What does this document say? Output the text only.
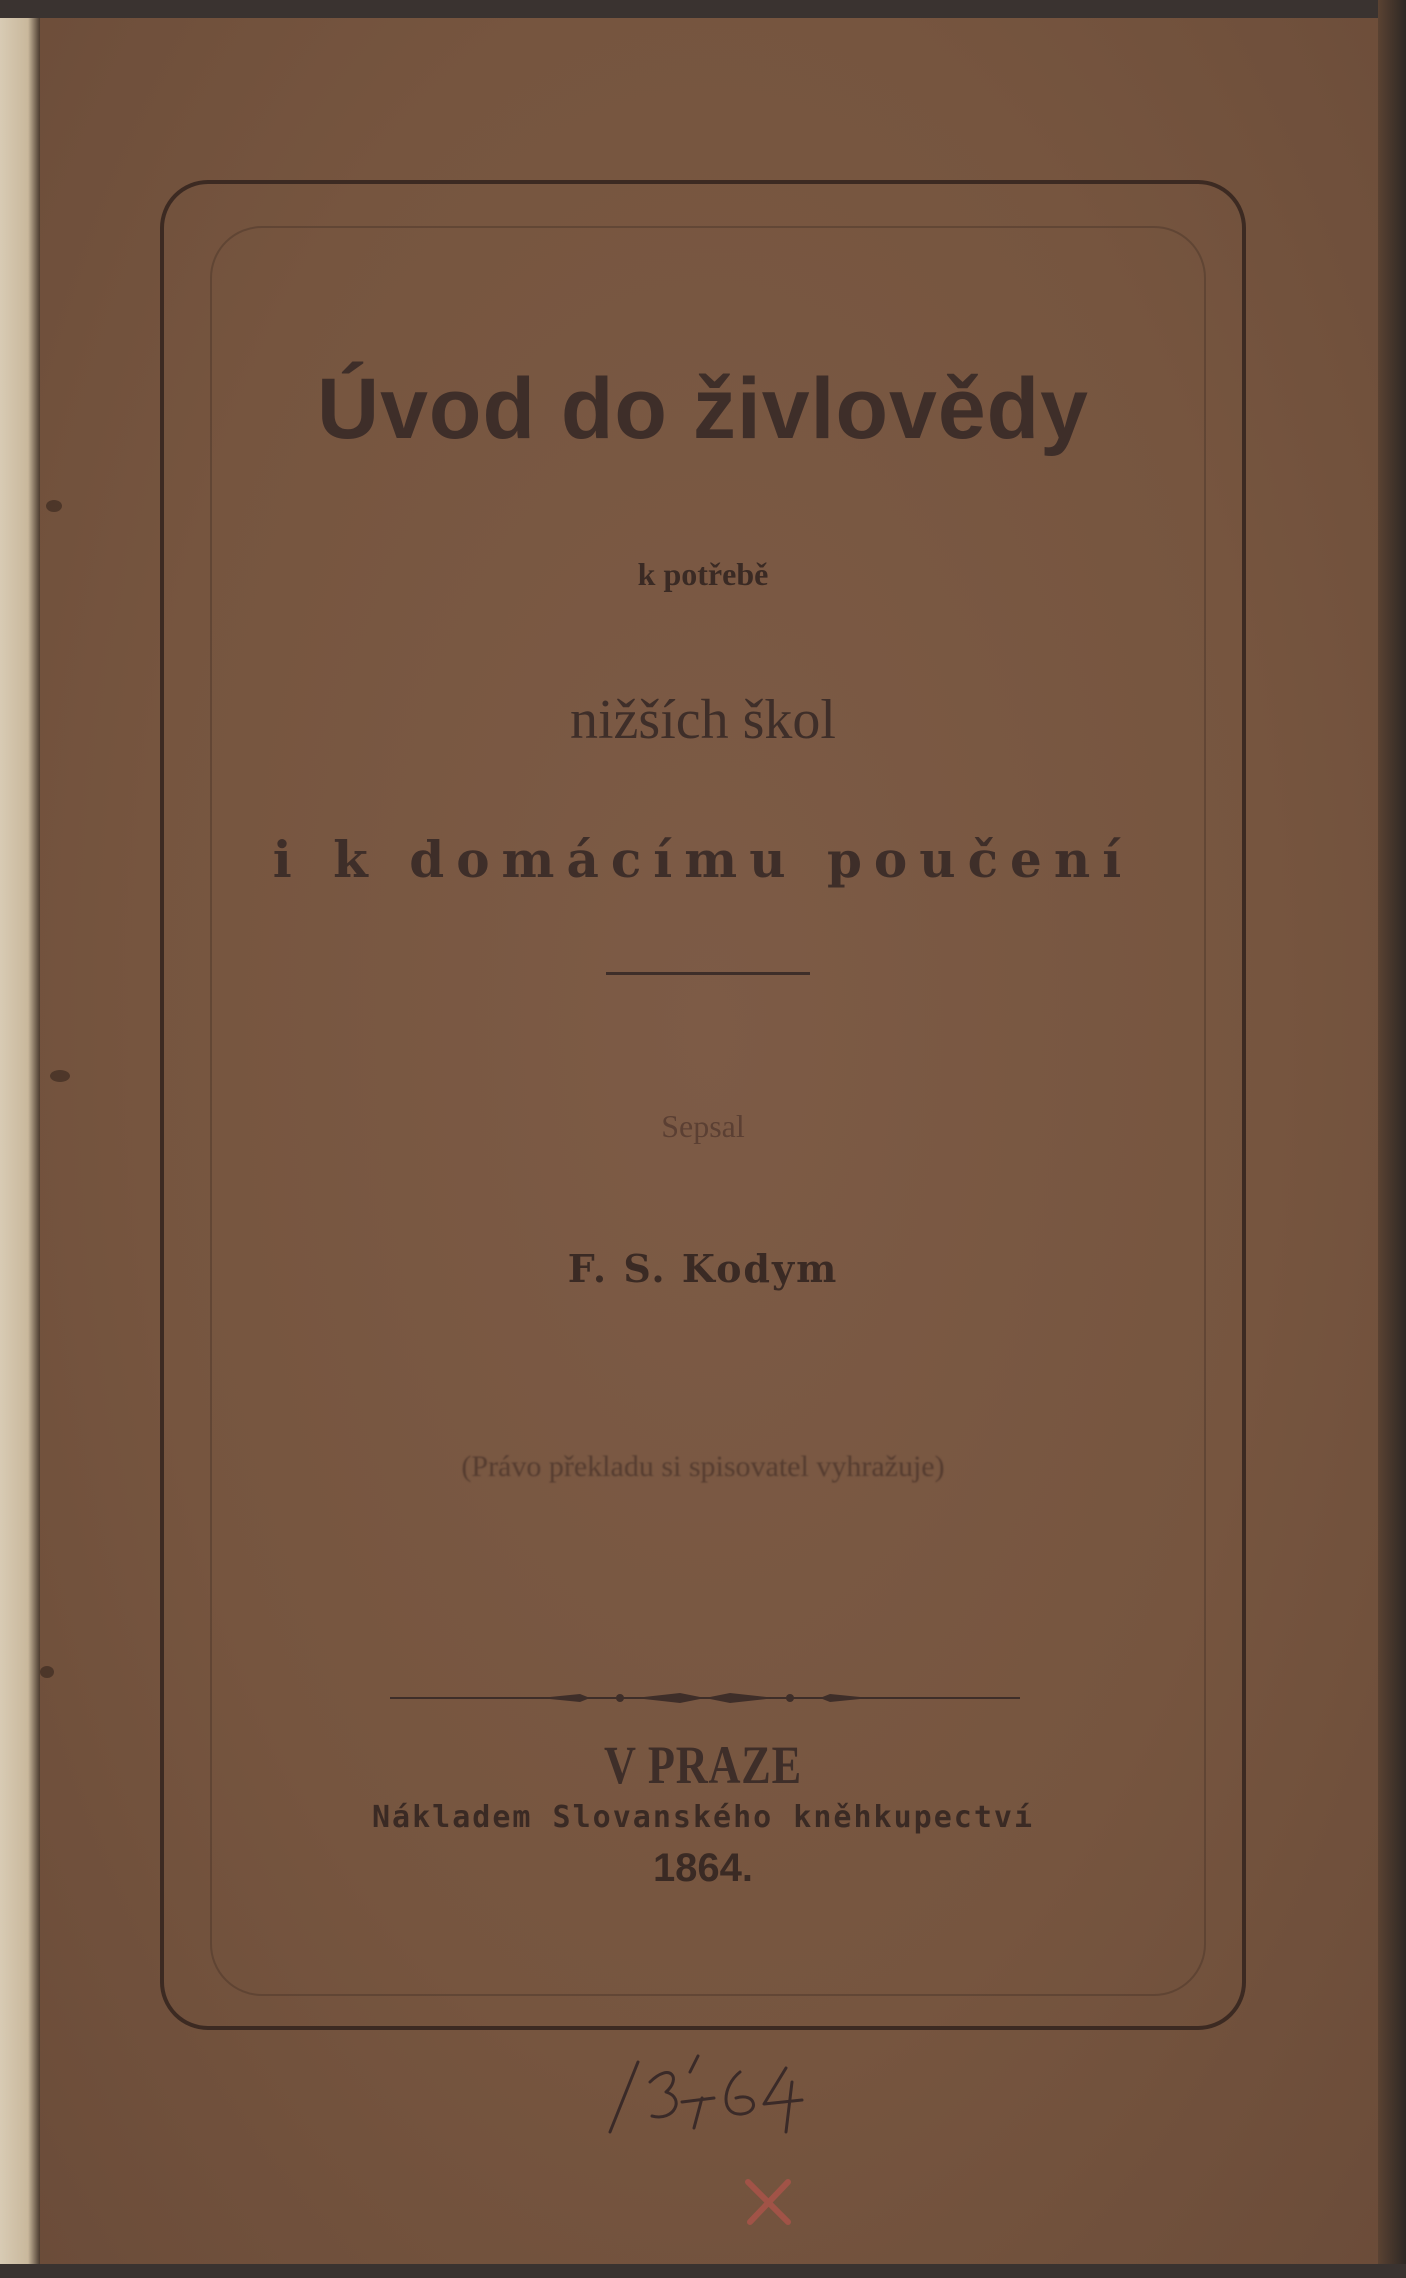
Úvod do živlovědy
k potřebě
nižších škol
i k domácímu poučení
Sepsal
F. S. Kodym
(Právo překladu si spisovatel vyhražuje)
V PRAZE
Nákladem Slovanského kněhkupectví
1864.
